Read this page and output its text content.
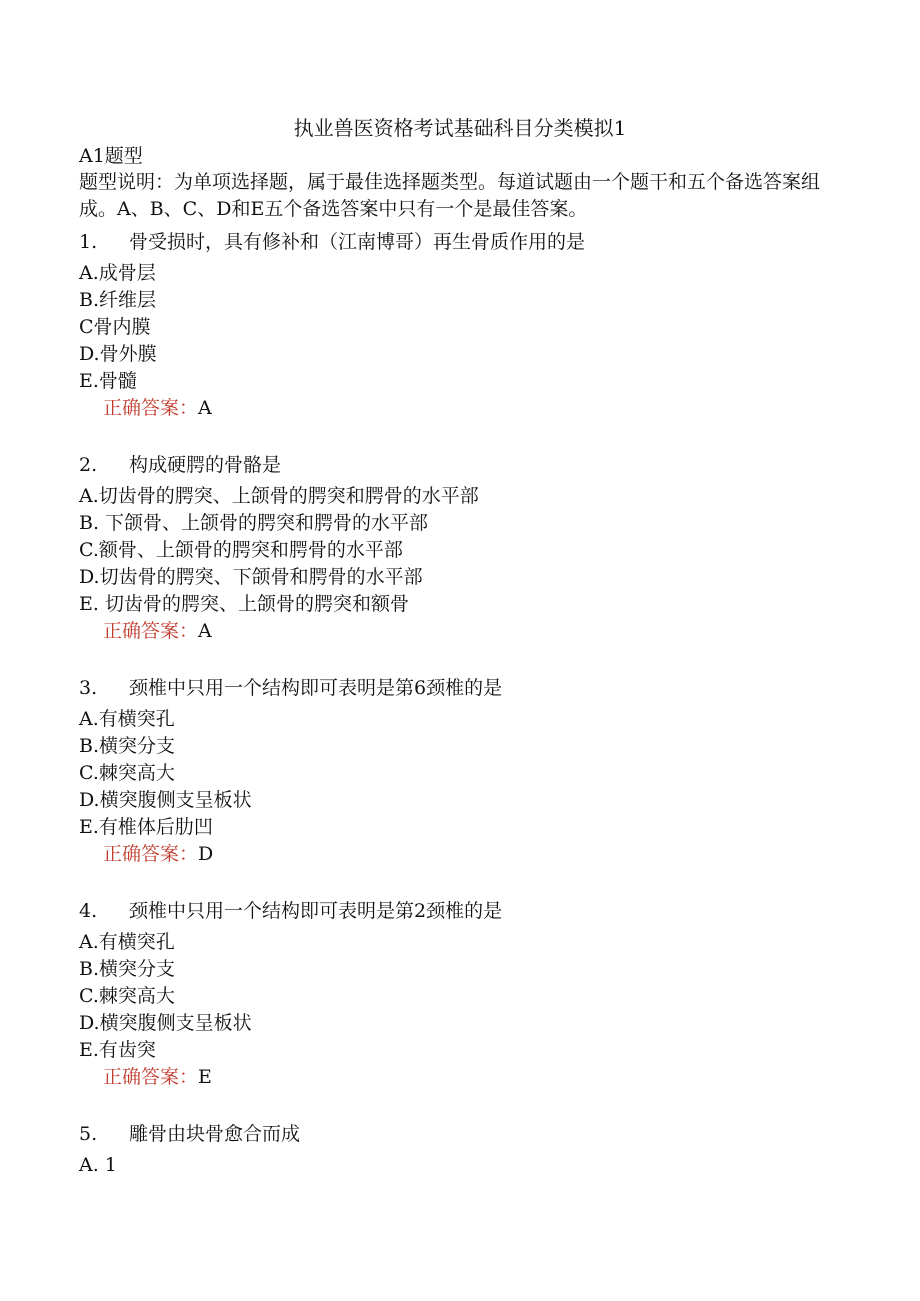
执业兽医资格考试基础科目分类模拟1
A1题型
题型说明：为单项选择题，属于最佳选择题类型。每道试题由一个题干和五个备选答案组成。A、B、C、D和E五个备选答案中只有一个是最佳答案。
1.	骨受损时，具有修补和（江南博哥）再生骨质作用的是
A.成骨层
B.纤维层
C骨内膜
D.骨外膜
E.骨髓
正确答案：A
2.	构成硬腭的骨骼是
A.切齿骨的腭突、上颌骨的腭突和腭骨的水平部
B. 下颌骨、上颌骨的腭突和腭骨的水平部
C.额骨、上颌骨的腭突和腭骨的水平部
D.切齿骨的腭突、下颌骨和腭骨的水平部
E. 切齿骨的腭突、上颌骨的腭突和额骨
正确答案：A
3.	颈椎中只用一个结构即可表明是第6颈椎的是
A.有横突孔
B.横突分支
C.棘突高大
D.横突腹侧支呈板状
E.有椎体后肋凹
正确答案：D
4.	颈椎中只用一个结构即可表明是第2颈椎的是
A.有横突孔
B.横突分支
C.棘突高大
D.横突腹侧支呈板状
E.有齿突
正确答案：E
5.	雕骨由块骨愈合而成
A. 1
